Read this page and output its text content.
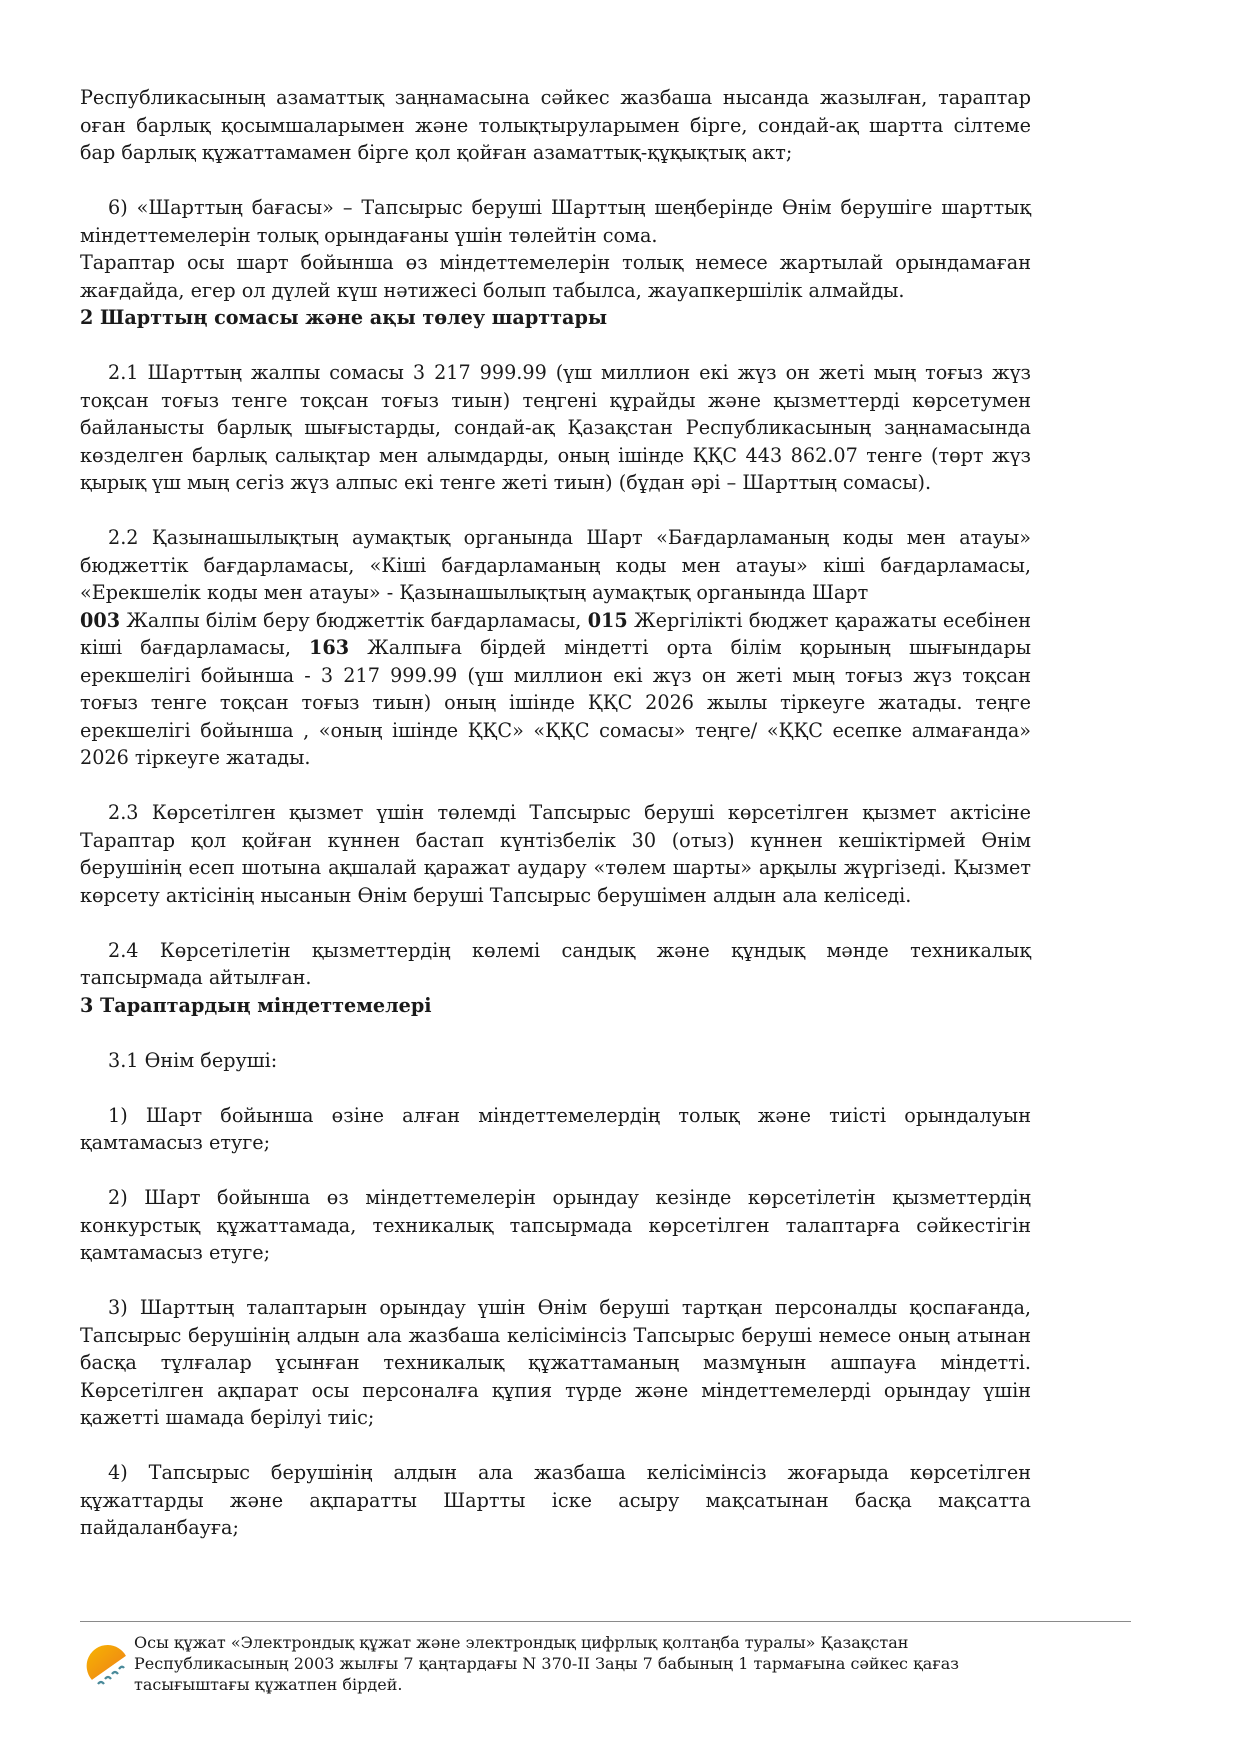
Республикасының азаматтық заңнамасына сәйкес жазбаша нысанда жазылған, тараптар оған барлық қосымшаларымен және толықтыруларымен бірге, сондай-ақ шартта сілтеме бар барлық құжаттамамен бірге қол қойған азаматтық-құқықтық акт;

6) «Шарттың бағасы» – Тапсырыс беруші Шарттың шеңберінде Өнім берушіге шарттық міндеттемелерін толық орындағаны үшін төлейтін сома.

Тараптар осы шарт бойынша өз міндеттемелерін толық немесе жартылай орындамаған жағдайда, егер ол дүлей күш нәтижесі болып табылса, жауапкершілік алмайды.

2 Шарттың сомасы және ақы төлеу шарттары

2.1 Шарттың жалпы сомасы 3 217 999.99 (үш миллион екі жүз он жеті мың тоғыз жүз тоқсан тоғыз тенге тоқсан тоғыз тиын) теңгені құрайды және қызметтерді көрсетумен байланысты барлық шығыстарды, сондай-ақ Қазақстан Республикасының заңнамасында көзделген барлық салықтар мен алымдарды, оның ішінде ҚҚС 443 862.07 тенге (төрт жүз қырық үш мың сегіз жүз алпыс екі тенге жеті тиын) (бұдан әрі – Шарттың сомасы).

2.2 Қазынашылықтың аумақтық органында Шарт «Бағдарламаның коды мен атауы» бюджеттік бағдарламасы, «Кіші бағдарламаның коды мен атауы» кіші бағдарламасы, «Ерекшелік коды мен атауы» - Қазынашылықтың аумақтық органында Шарт

003 Жалпы білім беру бюджеттік бағдарламасы, 015 Жергілікті бюджет қаражаты есебінен кіші бағдарламасы, 163 Жалпыға бірдей міндетті орта білім қорының шығындары ерекшелігі бойынша - 3 217 999.99 (үш миллион екі жүз он жеті мың тоғыз жүз тоқсан тоғыз тенге тоқсан тоғыз тиын) оның ішінде ҚҚС 2026 жылы тіркеуге жатады. теңге ерекшелігі бойынша , «оның ішінде ҚҚС» «ҚҚС сомасы» теңге/ «ҚҚС есепке алмағанда» 2026 тіркеуге жатады.

2.3 Көрсетілген қызмет үшін төлемді Тапсырыс беруші көрсетілген қызмет актісіне Тараптар қол қойған күннен бастап күнтізбелік 30 (отыз) күннен кешіктірмей Өнім берушінің есеп шотына ақшалай қаражат аудару «төлем шарты» арқылы жүргізеді. Қызмет көрсету актісінің нысанын Өнім беруші Тапсырыс берушімен алдын ала келіседі.

2.4 Көрсетілетін қызметтердің көлемі сандық және құндық мәнде техникалық тапсырмада айтылған.

3 Тараптардың міндеттемелері

3.1 Өнім беруші:

1) Шарт бойынша өзіне алған міндеттемелердің толық және тиісті орындалуын қамтамасыз етуге;

2) Шарт бойынша өз міндеттемелерін орындау кезінде көрсетілетін қызметтердің конкурстық құжаттамада, техникалық тапсырмада көрсетілген талаптарға сәйкестігін қамтамасыз етуге;

3) Шарттың талаптарын орындау үшін Өнім беруші тартқан персоналды қоспағанда, Тапсырыс берушінің алдын ала жазбаша келісімінсіз Тапсырыс беруші немесе оның атынан басқа тұлғалар ұсынған техникалық құжаттаманың мазмұнын ашпауға міндетті. Көрсетілген ақпарат осы персоналға құпия түрде және міндеттемелерді орындау үшін қажетті шамада берілуі тиіс;

4) Тапсырыс берушінің алдын ала жазбаша келісімінсіз жоғарыда көрсетілген құжаттарды және ақпаратты Шартты іске асыру мақсатынан басқа мақсатта пайдаланбауға;

Осы құжат «Электрондық құжат және электрондық цифрлық қолтаңба туралы» Қазақстан Республикасының 2003 жылғы 7 қаңтардағы N 370-II Заңы 7 бабының 1 тармағына сәйкес қағаз тасығыштағы құжатпен бірдей.
